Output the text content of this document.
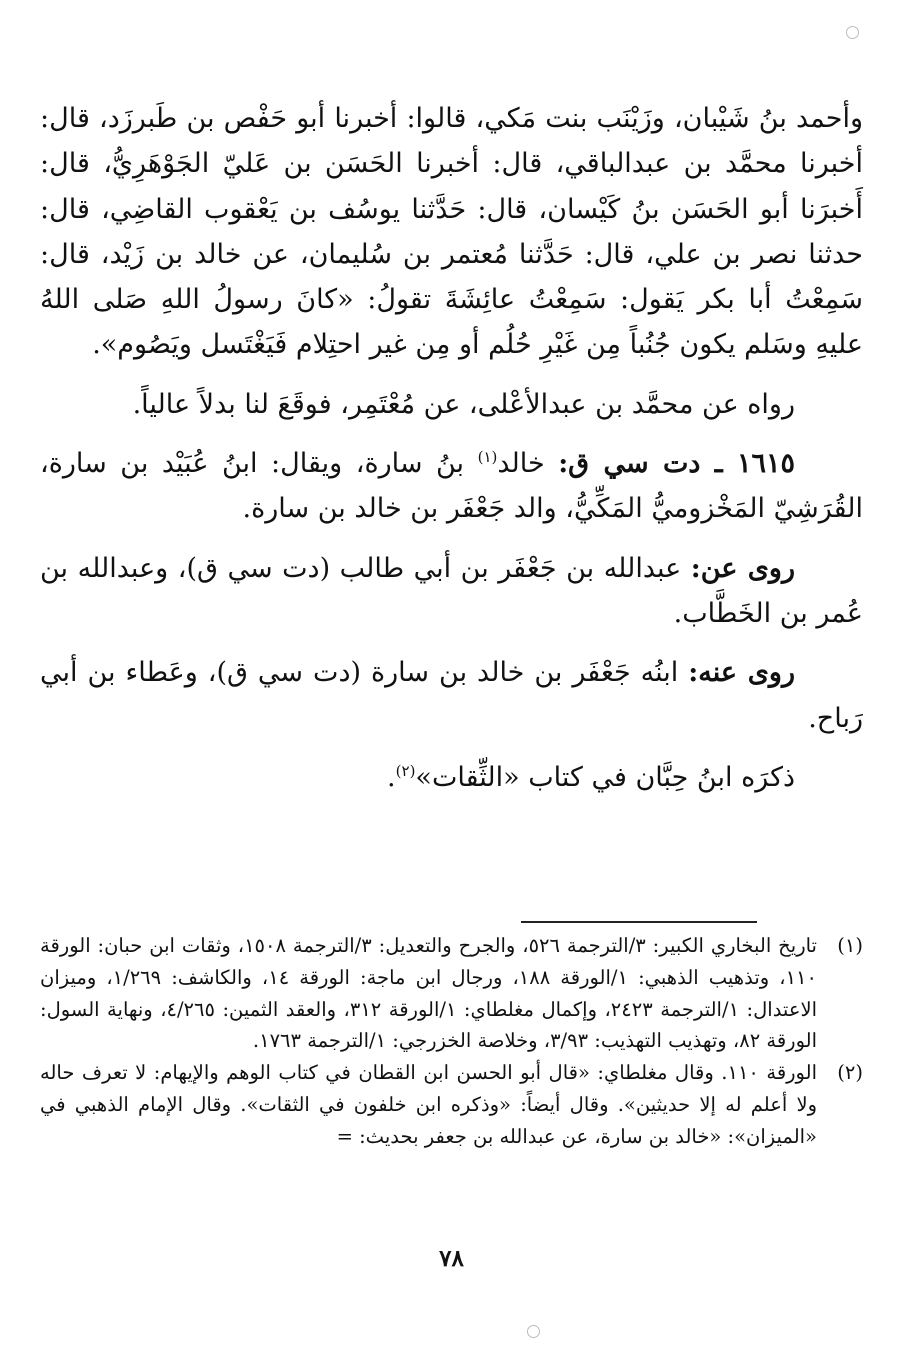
وأحمد بنُ شَيْبان، وزَيْنَب بنت مَكي، قالوا: أخبرنا أبو حَفْص بن طَبرزَد، قال: أخبرنا محمَّد بن عبدالباقي، قال: أخبرنا الحَسَن بن عَليّ الجَوْهَرِيُّ، قال: أَخبرَنا أبو الحَسَن بنُ كَيْسان، قال: حَدَّثنا يوسُف بن يَعْقوب القاضِي، قال: حدثنا نصر بن علي، قال: حَدَّثنا مُعتمر بن سُليمان، عن خالد بن زَيْد، قال: سَمِعْتُ أبا بكر يَقول: سَمِعْتُ عائِشَةَ تقولُ: «كانَ رسولُ اللهِ صَلى اللهُ عليهِ وسَلم يكون جُنُباً مِن غَيْرِ حُلُم أو مِن غير احتِلام فَيَغْتَسل ويَصُوم».

رواه عن محمَّد بن عبدالأعْلى، عن مُعْتَمِر، فوقَعَ لنا بدلاً عالياً.

١٦١٥ ـ دت سي ق: خالد$^{(١)}$ بنُ سارة، ويقال: ابنُ عُبَيْد بن سارة، القُرَشِيّ المَخْزوميُّ المَكِّيُّ، والد جَعْفَر بن خالد بن سارة.

روى عن: عبدالله بن جَعْفَر بن أبي طالب (دت سي ق)، وعبدالله بن عُمر بن الخَطَّاب.

روى عنه: ابنُه جَعْفَر بن خالد بن سارة (دت سي ق)، وعَطاء بن أبي رَباح.

ذكرَه ابنُ حِبَّان في كتاب «الثِّقات»$^{(٢)}$.

(١)
تاريخ البخاري الكبير: ٣/الترجمة ٥٢٦، والجرح والتعديل: ٣/الترجمة ١٥٠٨، وثقات ابن حبان: الورقة ١١٠، وتذهيب الذهبي: ١/الورقة ١٨٨، ورجال ابن ماجة: الورقة ١٤، والكاشف: ١/٢٦٩، وميزان الاعتدال: ١/الترجمة ٢٤٢٣، وإكمال مغلطاي: ١/الورقة ٣١٢، والعقد الثمين: ٤/٢٦٥، ونهاية السول: الورقة ٨٢، وتهذيب التهذيب: ٣/٩٣، وخلاصة الخزرجي: ١/الترجمة ١٧٦٣.

(٢)
الورقة ١١٠. وقال مغلطاي: «قال أبو الحسن ابن القطان في كتاب الوهم والإيهام: لا تعرف حاله ولا أعلم له إلا حديثين». وقال أيضاً: «وذكره ابن خلفون في الثقات». وقال الإمام الذهبي في «الميزان»: «خالد بن سارة، عن عبدالله بن جعفر بحديث: =

٧٨
